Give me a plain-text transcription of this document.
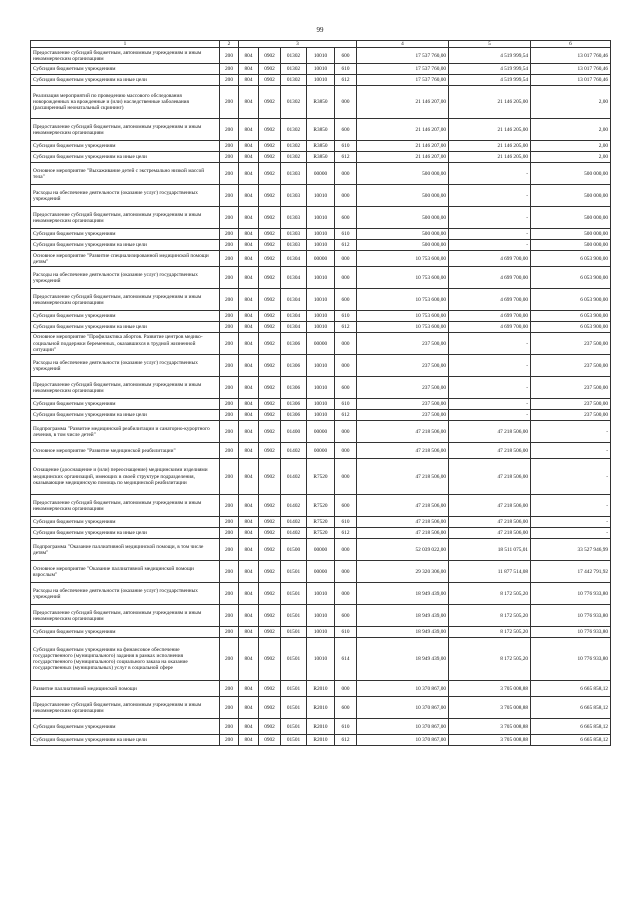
99
1	2	3					4	5	6
Предоставление субсидий бюджетным, автономным учреждениям и иным некоммерческим организациям	200	804	0902	01302	10010	600	17 537 760,00	4 519 999,54	13 017 760,46
Субсидии бюджетным учреждениям	200	804	0902	01302	10010	610	17 537 760,00	4 519 999,54	13 017 760,46
Субсидии бюджетным учреждениям на иные цели	200	804	0902	01302	10010	612	17 537 760,00	4 519 999,54	13 017 760,46
Реализация мероприятий по проведению массового обследования новорожденных на врожденные и (или) наследственные заболевания (расширенный неонатальный скрининг)	200	804	0902	01302	R3850	000	21 146 207,00	21 146 205,00	2,00
Предоставление субсидий бюджетным, автономным учреждениям и иным некоммерческим организациям	200	804	0902	01302	R3850	600	21 146 207,00	21 146 205,00	2,00
Субсидии бюджетным учреждениям	200	804	0902	01302	R3850	610	21 146 207,00	21 146 205,00	2,00
Субсидии бюджетным учреждениям на иные цели	200	804	0902	01302	R3850	612	21 146 207,00	21 146 205,00	2,00
Основное мероприятие "Выхаживание детей с экстремально низкой массой тела"	200	804	0902	01303	00000	000	500 000,00	-	500 000,00
Расходы на обеспечение деятельности (оказание услуг) государственных учреждений	200	804	0902	01303	10010	000	500 000,00	-	500 000,00
Предоставление субсидий бюджетным, автономным учреждениям и иным некоммерческим организациям	200	804	0902	01303	10010	600	500 000,00	-	500 000,00
Субсидии бюджетным учреждениям	200	804	0902	01303	10010	610	500 000,00	-	500 000,00
Субсидии бюджетным учреждениям на иные цели	200	804	0902	01303	10010	612	500 000,00	-	500 000,00
Основное мероприятие "Развитие специализированной медицинской помощи детям"	200	804	0902	01304	00000	000	10 753 600,00	4 699 700,00	6 053 900,00
Расходы на обеспечение деятельности (оказание услуг) государственных учреждений	200	804	0902	01304	10010	000	10 753 600,00	4 699 700,00	6 053 900,00
Предоставление субсидий бюджетным, автономным учреждениям и иным некоммерческим организациям	200	804	0902	01304	10010	600	10 753 600,00	4 699 700,00	6 053 900,00
Субсидии бюджетным учреждениям	200	804	0902	01304	10010	610	10 753 600,00	4 699 700,00	6 053 900,00
Субсидии бюджетным учреждениям на иные цели	200	804	0902	01304	10010	612	10 753 600,00	4 699 700,00	6 053 900,00
Основное мероприятие "Профилактика абортов. Развитие центров медико-социальной поддержки беременных, оказавшихся в трудной жизненной ситуации"	200	804	0902	01306	00000	000	237 500,00	-	237 500,00
Расходы на обеспечение деятельности (оказание услуг) государственных учреждений	200	804	0902	01306	10010	000	237 500,00	-	237 500,00
Предоставление субсидий бюджетным, автономным учреждениям и иным некоммерческим организациям	200	804	0902	01306	10010	600	237 500,00	-	237 500,00
Субсидии бюджетным учреждениям	200	804	0902	01306	10010	610	237 500,00	-	237 500,00
Субсидии бюджетным учреждениям на иные цели	200	804	0902	01306	10010	612	237 500,00	-	237 500,00
Подпрограмма "Развитие медицинской реабилитации и санаторно-курортного лечения, в том числе детей"	200	804	0902	01400	00000	000	47 218 506,00	47 218 506,00	-
Основное мероприятие "Развитие медицинской реабилитации"	200	804	0902	01402	00000	000	47 218 506,00	47 218 506,00	-
Оснащение (дооснащение и (или) переоснащение) медицинскими изделиями медицинских организаций, имеющих в своей структуре подразделения, оказывающие медицинскую помощь по медицинской реабилитации	200	804	0902	01402	R7520	000	47 218 506,00	47 218 506,00	-
Предоставление субсидий бюджетным, автономным учреждениям и иным некоммерческим организациям	200	804	0902	01402	R7520	600	47 218 506,00	47 218 506,00	-
Субсидии бюджетным учреждениям	200	804	0902	01402	R7520	610	47 218 506,00	47 218 506,00	-
Субсидии бюджетным учреждениям на иные цели	200	804	0902	01402	R7520	612	47 218 506,00	47 218 506,00	-
Подпрограмма "Оказание паллиативной медицинской помощи, в том числе детям"	200	804	0902	01500	00000	000	52 039 022,00	18 511 075,01	33 527 946,99
Основное мероприятие "Оказание паллиативной медицинской помощи взрослым"	200	804	0902	01501	00000	000	29 320 306,00	11 877 514,08	17 442 791,92
Расходы на обеспечение деятельности (оказание услуг) государственных учреждений	200	804	0902	01501	10010	000	18 949 439,00	8 172 505,20	10 776 933,80
Предоставление субсидий бюджетным, автономным учреждениям и иным некоммерческим организациям	200	804	0902	01501	10010	600	18 949 439,00	8 172 505,20	10 776 933,80
Субсидии бюджетным учреждениям	200	804	0902	01501	10010	610	18 949 439,00	8 172 505,20	10 776 933,80
Субсидии бюджетным учреждениям на финансовое обеспечение государственного (муниципального) задания в рамках исполнения государственного (муниципального) социального заказа на оказание государственных (муниципальных) услуг в социальной сфере	200	804	0902	01501	10010	614	18 949 439,00	8 172 505,20	10 776 933,80
Развитие паллиативной медицинской помощи	200	804	0902	01501	R2010	000	10 370 867,00	3 705 008,88	6 665 858,12
Предоставление субсидий бюджетным, автономным учреждениям и иным некоммерческим организациям	200	804	0902	01501	R2010	600	10 370 867,00	3 705 008,88	6 665 858,12
Субсидии бюджетным учреждениям	200	804	0902	01501	R2010	610	10 370 867,00	3 705 008,88	6 665 858,12
Субсидии бюджетным учреждениям на иные цели	200	804	0902	01501	R2010	612	10 370 867,00	3 705 008,88	6 665 858,12
